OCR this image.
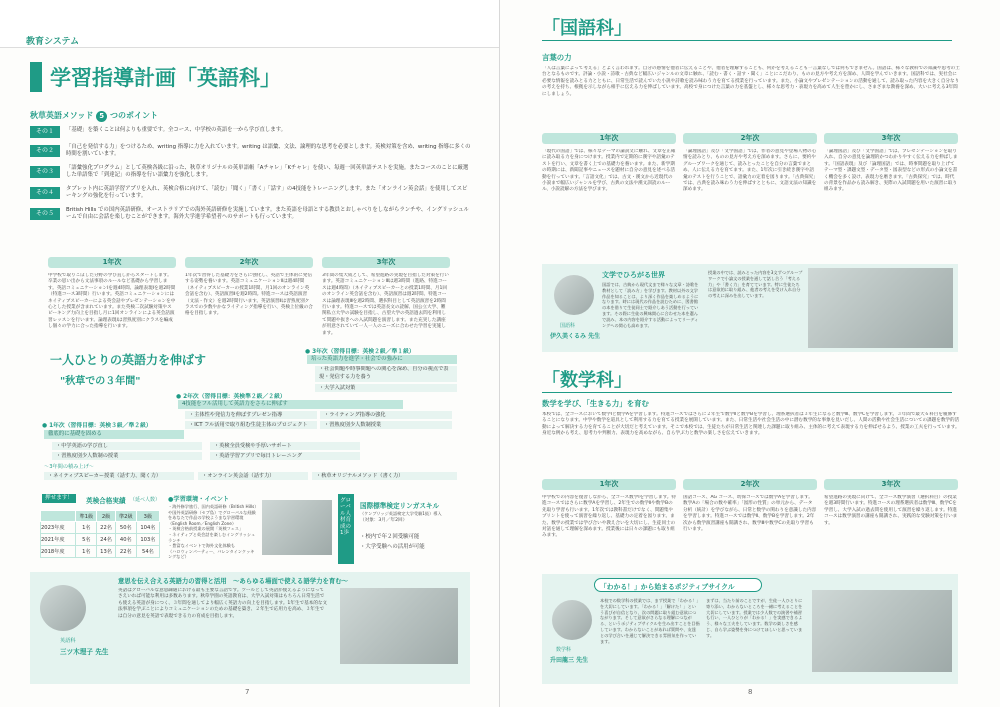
教育システム
学習指導計画「英語科」
秋草英語メソッド 5 つのポイント
その１	「基礎」を築くことは何よりも重要です。全コース、中学校の英語を一から学び直します。
その２	「自己を発信する力」をつけるため、writing 指導に力を入れています。writing は語彙、文法、論理的な思考を必要とします。英検対策を含め、writing 指導に多くの時間を割いています。
その３	「語彙強化プログラム」として英検各級に沿った、秋草オリジナルの英単語帳「Aチャレ」「Kチャレ」を使い、毎週一回英単語テストを実施。またコースのことに厳選した単語集で「到達記」の指導を行い語彙力を強化します。
その４	タブレット内に英語学習アプリを入れ、英検合格に向けて、「読む」「聞く」「書く」「話す」の4技能をトレーニングします。また「オンライン英会話」を使用してスピーキングの強化を行っています。
その５	British Hills での国内英語研修、オーストラリアでの海外英語研修を実施しています。また英語を母語とする教員とおしゃべりをしながらランチや、イングリッシュルームで自由に会話を楽しむことができます。海外大学進学希望者へのサポートも行っています。
1年次	2年次	3年次
中学校で取りこぼした分野の学び直しからスタートします。卒業の思い出から文法事項のルールなど基礎から学習します。英語コミュニケーションⅠを週4時間、論理表現Ⅰを週2時間（特進コース3時間）行います。英語コミュニケーションにはネイティブスピーカーによる英会話やプレゼンテーションを中心とした授業が含まれています。また英検二次試験対策やスピーキング力向上を目指し月に1回オンラインによる英会話演習レッスンを行います。論理表現Ⅰは習熟度別にクラスを編成し個々の学力に合った指導を行います。
1年次で習得した基礎力をさらに強化し、英語で主体的に発信する姿勢を養います。英語コミュニケーションⅡは週4時間（ネイティブスピーカーの授業1時間、月1回のオンライン英会話を含む）、英語演習Ⅱを週2時間。特進コースは英語演習（文法・作文）を週2時間行います。英語演習Ⅱは習熟度別クラスでの少数やかなライティング指導を行い、英検上位級の合格を目指します。
3年間の集大成として、希望進路の実現を目指した対策を行います。英語コミュニケーションⅢは週3時間（進路、特進コースは週4時間）（ネイティブスピーカーとの授業1時間、月1回のオンライン英会話を含む）、英語演習は週2時間、特進コースは論理表現Ⅲを週2時間、選択科目として英語演習を2時間行います。特進コースでは英語長文の読解、国公立大学、難関私立大学の試験を目指し、古望大学の英語過去問を利用して問題や抜きへの入試問題を演習します。また充実した講座が用意されていて一人一人のニーズに合わせた学習を実施します。
一人ひとりの英語力を伸ばす
"秋草での３年間"
● 3年次（習得目標：英検２級／準１級）
培った英語力を進学・社会での強みに
・社会問題や時事問題への関心を深め、自分の視点で表現・発信する力を養う
・大学入試対策
● 2年次（習得目標：英検準２級／２級）
4技能をフル活用して英語力をさらに伸ばす
・主体性や発信力を伸ばすプレゼン指導	・ライティング指導の強化
・ICT フル活用で取り組む生徒主体のプロジェクト	・習熟度別少人数制授業
● 1年次（習得目標：英検３級／準２級）
徹底的に基礎を固める
・中学英語の学び直し
・習熟度別少人数制の授業
・英検全員受検や手厚いサポート
・英語学習アプリで毎日トレーニング
～3年間の積み上げ～
・ネイティブスピーカー授業（話す力、聞く力）	・オンライン英会話（話す力）	・秋草オリジナルメソッド（書く力）
押せます！	英検合格実績 （延べ人数）
	準1級	2級	準2級	3級
2023年度	1名	22名	50名	104名
2021年度	5名	24名	40名	103名
2018年度	1名	13名	22名	54名
●学習環境・イベント
・海外修学旅行、国内英語研修（British Hills）や国外英語研修（セブ島）でグローバルな経験をあなたで作品の学校ようまな学習環境
（English Room／English Zone）
・英検合格前授業の展開「英検フェス」
・ネイティブと英会話を楽しむイングリッシュランチ
・豊富なイベントで海外文化体験も
（ハロウィンパーティー、バレンタインクッキングなど）
グローバル人材育成の1歩
国際標準検定リンガスキル
（ケンブリッジ英語検定大学受験1級）導入
（対象：3月／年2回）
・校内で年２回受験可能
・大学受験への活用が可能
意思を伝え合える英語力の習得と活用　～あらゆる場面で使える語学力を育む～
英語科
三ツ木理子 先生
英語はグローバルな意思疎通における最も主要な言語です。ツールとして英語が使えるようになってさえいれば可能な利用は多数あります。秋草学園の英語教育は、大学入試対策はもちろん日常生活でも使える英語が身につく、３年間を通してより幅広く英語力の向上を目指します。1年生で基本的な文法事項を学ぶことによりコミュニケーションのための基礎を築き、２年生で応用力を高め、３年生では自分の意見を英語で表現できる力の育成を目指します。
7
「国語科」
言葉の力
「人は言葉によって考える」とよく言われます。自分の感情を他者に伝えることや、他者を理解することも、何かを考えることも一言葉なしでは何もできません。国語は、様々な教科での知識や思考の土台となるものです。評論・小説・詩歌・古典など幅広いジャンルの文章に触れ、「読む・書く・話す・聞く」ことにこだわり、ものの見方や考え方を深め、人間を学んでいきます。国語科では、実社会に必要な情報を読みとる力とともに、日常生活で読んでいた小説や詩歌を読み味わう力を育てる授業を行っています。また、小論文やプレゼンテーションの活動を通して、読み取った内容を大きく自分なりの考えを持ち、根拠を示しながら相手に伝える力を伸ばしています。高校で身につけた言葉の力を基盤とし、様々な思考力・表現力を高めて人生を豊かにし、さまざまな教養を深め、大いに考える3年間にしましょう。
1年次	2年次	3年次
「現代の国語」では、様々なテーマの論説文に触れ、文章を正確に読み取る力を身につけます。授業内で定期的に漢字や語彙のテストを行い、文章を書く上での基礎力を養います。また、新学期の時期には、新聞記事やニュースを題材に自分の意見を述べる活動を行っています。「言語文化」では、古文・漢文から近現代の小説まで幅広いジャンルを学び、古典の文法や漢文訓読のルール、小説読解の方法を学びます。
「論理国語」及び「文学国語」では、作者の意見や登場人物の心情を読みとり、ものの見方や考え方を深めます。さらに、要約やグループワークを通じて、読みとったことを自分の言葉でまとめ、人に伝える力を育てます。また、1年次に引き続き漢字や語彙のテストを行うことで、語彙力の定着を図ります。「古典探究」では、古典を読み味わう力を伸ばすとともに、文語文法の知識を深めます。
「論理国語」及び「文学国語」では、プレゼンテーションを取り入れ、自分の意見を論理的かつわかりやすく伝える力を伸ばします。「国語表現」及び「論理国語」では、時事問題を取り上げてテーマ型・課題文型・データ型・図表型などの形式の小論文を書く機会を多く設け、表現力を磨きます。「古典探究」では、時代の背景を作品から読み解き、実際の入試問題を用いた演習に取り組みます。
文学でひろがる世界
国語では、古典から現代文まで様々な文章・詩歌を教材として「読み方」を学びます。教材以外の文学作品を知ることは、より深く作品を楽しめるようになります。時には現代の作品を読むために、図書館の本を借りて生徒同士で紹介しあう活動を行っています。その際に生徒の興味関心に合わせた本を選んで読み、本の内容を紹介する活動によってリーディングへの関心も高めます。
授業の中では、読みとった内容を3文ずつグループワークで小論文の授業を通して話し合う「考える力」や「書く力」を育てています。特に生徒たちは意欲的に取り組み、他者の考えを受け入れ自分の考えに深みを出しています。
国語科
伊久美くるみ 先生
「数学科」
数学を学び、「生きる力」を育む
本校では、全コースにおいて数学Ⅰと数学Aを学習します。特進コースではさらに２年生で数学Ⅱと数学Bを学習し、理系選択者は３年生になると数学Ⅲ、数学Cを学習します。３年間で最大６科目を履修することになります。中学や数学を道具として利用する力を育てる授業を展開しています。また、日常生活や社会生活の中に潜む数学的な事象を見いだし、人間の活動や社会生活についての課題を数学的活動によって解決する力を育てることが大切だと考えています。そこで本校では、生徒たちが日常生活と関連した課題に取り組み、主体的に考えて表現する力を伸ばせるよう、授業の工夫を行っています。身近な例から考え、思考力や判断力、表現力を高めながら、自ら学ぶ力と数学の楽しさを伝えていきます。
1年次	2年次	3年次
中学校での内容を復習しながら、全コース数学Ⅰを学習します。特進コースではさらに数学Aを学習し、2年生での数学Ⅱや数学Bの先取り学習も行います。1年次では教科書だけでなく、問題集やプリントを使って演習を繰り返し、基礎力の定着を図ります。また、数学の授業では学び合いや教え合いを大切にし、生徒同士の対話を通して理解を深めます。授業後には日々の課題にも取り組みます。
国語コース、AG コース、幼保コースでは数学Aを学習します。数学Aの「場合の数や確率」「図形の性質」の単元から、データ分析（統計）を学びながら、日常と数学の関わりを意識した内容を学習します。特進コースでは数学Ⅱ、数学Bを学習します。2年次から数学演習講座も開講され、数学Ⅲや数学Cの先取り学習も行います。
希望進路の実現に向けて、全コース数学演習（選択科目）の授業を週3時間行います。特進コースの理系選択者は数学Ⅲ、数学Cを学習し、大学入試の過去問を使用して演習を繰り返します。特進コースは数学演習の講座も開講され、実践的な受験対策を行います。
「わかる！」から始まるポジティブサイクル
数学科
升田龍三 先生
本校での数学科の授業では、まず授業で「わかる！」を大切にしています。「わかる！」「解けた！」という喜びが自信となり、次の問題に取り組む意欲につながります。そして意欲がさらなる理解につながる、というポジティブサイクルを生み出すことを目指しています。わからないことがあれば質問や、友達との学び合いを通じて解決できる雰囲気を作っています。
まずは、当たり前のことですが、生徒一人ひとりに寄り添い、わからないところを一緒に考えることを大切にしています。授業では少人数での演習や補習も行い、一人ひとりが「わかる！」を実感できるよう、様々な工夫をしています。数学の楽しさを感じ、自ら学ぶ姿勢を身につけてほしいと思っています。
8
